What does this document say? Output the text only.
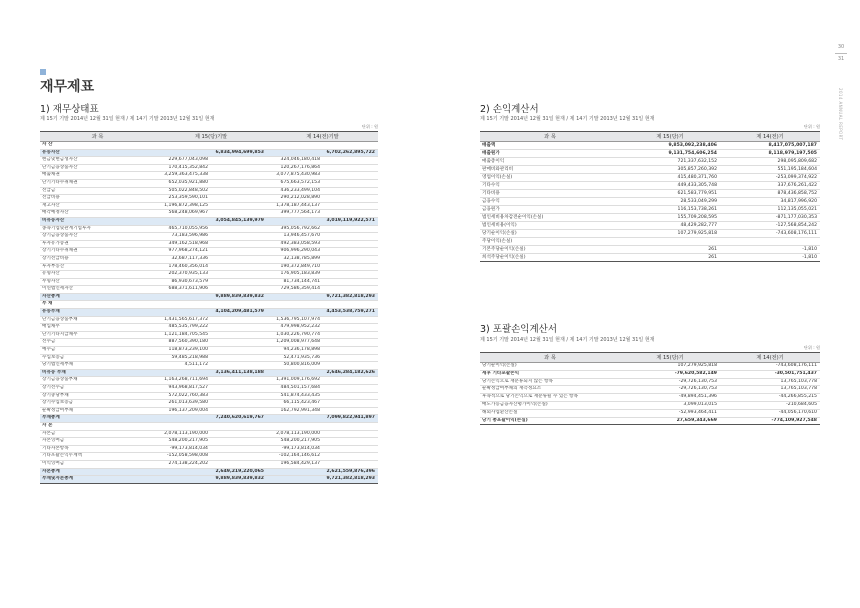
30
31
2014 ANNUAL REPORT
재무제표
1) 재무상태표
제 15기 기말 2014년 12월 31일 현재 / 제 14기 기말 2013년 12월 31일 현재
단위 : 원
과 목	제 15(당)기말		제 14(전)기말	
자 산				
유동자산		6,834,994,699,853		6,702,262,895,722
현금및현금성자산	229,677,043,098		324,046,180,418	
단기금융상품자산	170,415,352,842		120,267,176,864	
매출채권	3,259,363,475,338		3,077,875,430,983	
단기기타수취채권	652,035,921,880		675,663,572,153	
선급금	505,022,848,502		436,233,499,104	
선급비용	253,359,590,101		290,212,028,890	
재고자산	1,196,872,398,125		1,378,187,443,137	
매각예정자산	568,248,069,967		399,777,564,173	
비유동자산		3,054,845,139,979		3,019,119,922,571
종속기업및관계기업투자	465,710,055,956		395,056,792,662	
장기금융상품자산	73,183,596,986		13,946,457,670	
투자유가증권	349,162,518,968		492,383,058,593	
장기기타수취채권	977,968,274,121		906,996,290,043	
장기선급비용	32,687,117,336		32,138,785,899	
투자부동산	178,460,356,014		190,372,849,710	
유형자산	202,370,935,133		176,905,183,839	
무형자산	86,930,673,579		81,734,144,741	
이연법인세자산	688,371,611,906		729,586,359,414	
자산총계		9,889,839,839,832		9,721,382,818,293
부 채				
유동부채		4,104,209,481,579		4,453,538,759,271
단기금융상품부채	1,431,565,617,372		1,536,795,107,974	
매입채무	485,535,799,222		479,998,952,232	
단기기타지급채무	1,121,184,705,545		1,030,226,790,774	
선수금	887,560,390,180		1,209,008,977,648	
예수금	118,873,239,100		94,236,178,898	
수입보증금	59,485,218,988		52,471,935,736	
당기법인세부채	4,511,172		50,800,816,009	
비유동 부채		3,136,411,138,188		2,646,284,182,626
장기금융상품부채	1,163,268,711,694		1,391,009,176,692	
장기선수금	943,968,817,527		484,501,157,684	
장기충당부채	572,022,760,383		541,874,433,435	
장기수입보증금	261,013,639,580		66,115,423,467	
순확정급여부채	196,137,209,004		162,792,991,348	
부채총계		7,240,620,619,767		7,099,822,941,897
자 본				
자본금	2,078,113,190,000		2,078,113,190,000	
자본잉여금	548,200,217,905		548,200,217,905	
기타자본항목	-99,173,814,034		-99,173,814,034	
기타포괄손익누계액	-152,058,598,008		-102,164,146,612	
이익잉여금	274,138,224,202		196,584,429,137	
자본총계		2,649,219,220,065		2,621,559,876,396
부채및자본총계		9,889,839,839,832		9,721,382,818,293
2) 손익계산서
제 15기 기말 2014년 12월 31일 현재 / 제 14기 기말 2013년 12월 31일 현재
단위 : 원
과 목	제 15(당)기	제 14(전)기
매출액	9,853,092,238,406	8,417,075,007,187
매출원가	9,131,754,606,254	8,118,979,197,505
매출총이익	721,337,632,152	298,095,809,682
판매비와관리비	305,857,260,392	551,195,184,604
영업이익(손실)	415,480,371,760	-253,099,374,922
기타수익	449,433,305,748	337,676,261,422
기타비용	621,583,779,951	878,436,858,752
금융수익	28,533,049,299	34,817,996,920
금융원가	116,153,738,261	112,135,055,021
법인세비용차감전순이익(손실)	155,709,208,595	-871,177,030,353
법인세비용(이익)	48,429,282,777	-127,568,854,242
당기순이익(손실)	107,279,925,818	-743,608,176,111
주당이익(손실)		
기본주당순이익(손실)	261	-1,810
희석주당순이익(손실)	261	-1,810
3) 포괄손익계산서
제 15기 기말 2014년 12월 31일 현재 / 제 14기 기말 2013년 12월 31일 현재
단위 : 원
과 목	제 15(당)기	제 14(전)기
당기순이익(손실)	107,279,925,818	-743,608,176,111
세후 기타포괄손익	-79,620,582,149	-30,501,751,437
당기손익으로 재분류되지 않는 항목	-29,726,130,753	13,765,103,778
순확정급여부채의 재측정요소	-29,726,130,753	13,765,103,778
후속적으로 당기손익으로 재분류될 수 있는 항목	-49,894,451,396	-44,266,855,215
매도가능금융자산평가이익(손실)	3,099,013,015	-210,684,605
해외사업환산손실	-52,993,464,411	-44,056,170,610
당기 총포괄이익(손실)	27,659,343,669	-774,109,927,548
